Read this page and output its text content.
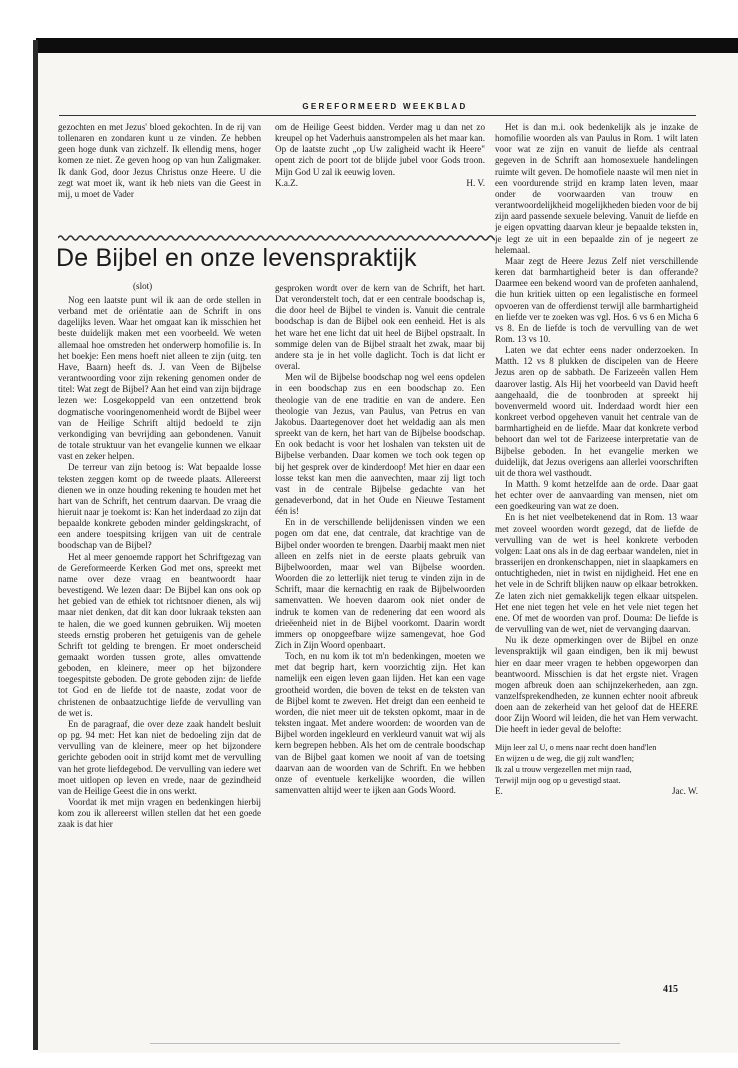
GEREFORMEERD WEEKBLAD

gezochten en met Jezus' bloed gekochten. In de rij van tollenaren en zondaren kunt u ze vinden. Ze hebben geen hoge dunk van zichzelf. Ik ellendig mens, hoger komen ze niet. Ze geven hoog op van hun Zaligmaker. Ik dank God, door Jezus Christus onze Heere. U die zegt wat moet ik, want ik heb niets van die Geest in mij, u moet de Vader

om de Heilige Geest bidden. Verder mag u dan net zo kreupel op het Vaderhuis aanstrompelen als het maar kan. Op de laatste zucht „op Uw zaligheid wacht ik Heere" opent zich de poort tot de blijde jubel voor Gods troon. Mijn God U zal ik eeuwig loven.

K.a.Z.	H. V.
De Bijbel en onze levenspraktijk
(slot)

Nog een laatste punt wil ik aan de orde stellen in verband met de oriëntatie aan de Schrift in ons dagelijks leven. Waar het omgaat kan ik misschien het beste duidelijk maken met een voorbeeld. We weten allemaal hoe omstreden het onderwerp homofilie is. In het boekje: Een mens hoeft niet alleen te zijn (uitg. ten Have, Baarn) heeft ds. J. van Veen de Bijbelse verantwoording voor zijn rekening genomen onder de titel: Wat zegt de Bijbel? Aan het eind van zijn bijdrage lezen we: Losgekoppeld van een ontzettend brok dogmatische vooringenomenheid wordt de Bijbel weer van de Heilige Schrift altijd bedoeld te zijn verkondiging van bevrijding aan gebondenen. Vanuit de totale struktuur van het evangelie kunnen we elkaar vast en zeker helpen.

De terreur van zijn betoog is: Wat bepaalde losse teksten zeggen komt op de tweede plaats. Allereerst dienen we in onze houding rekening te houden met het hart van de Schrift, het centrum daarvan. De vraag die hieruit naar je toekomt is: Kan het inderdaad zo zijn dat bepaalde konkrete geboden minder geldingskracht, of een andere toespitsing krijgen van uit de centrale boodschap van de Bijbel?

Het al meer genoemde rapport het Schriftgezag van de Gereformeerde Kerken God met ons, spreekt met name over deze vraag en beantwoordt haar bevestigend. We lezen daar: De Bijbel kan ons ook op het gebied van de ethiek tot richtsnoer dienen, als wij maar niet denken, dat dit kan door lukraak teksten aan te halen, die we goed kunnen gebruiken. Wij moeten steeds ernstig proberen het getuigenis van de gehele Schrift tot gelding te brengen. Er moet onderscheid gemaakt worden tussen grote, alles omvattende geboden, en kleinere, meer op het bijzondere toegespitste geboden. De grote geboden zijn: de liefde tot God en de liefde tot de naaste, zodat voor de christenen de onbaatzuchtige liefde de vervulling van de wet is.

En de paragraaf, die over deze zaak handelt besluit op pg. 94 met: Het kan niet de bedoeling zijn dat de vervulling van de kleinere, meer op het bijzondere gerichte geboden ooit in strijd komt met de vervulling van het grote liefdegebod. De vervulling van iedere wet moet uitlopen op leven en vrede, naar de gezindheid van de Heilige Geest die in ons werkt.

Voordat ik met mijn vragen en bedenkingen hierbij kom zou ik allereerst willen stellen dat het een goede zaak is dat hier

gesproken wordt over de kern van de Schrift, het hart. Dat veronderstelt toch, dat er een centrale boodschap is, die door heel de Bijbel te vinden is. Vanuit die centrale boodschap is dan de Bijbel ook een eenheid. Het is als het ware het ene licht dat uit heel de Bijbel opstraalt. In sommige delen van de Bijbel straalt het zwak, maar bij andere sta je in het volle daglicht. Toch is dat licht er overal.

Men wil de Bijbelse boodschap nog wel eens opdelen in een boodschap zus en een boodschap zo. Een theologie van de ene traditie en van de andere. Een theologie van Jezus, van Paulus, van Petrus en van Jakobus. Daartegenover doet het weldadig aan als men spreekt van de kern, het hart van de Bijbelse boodschap. En ook bedacht is voor het loshalen van teksten uit de Bijbelse verbanden. Daar komen we toch ook tegen op bij het gesprek over de kinderdoop! Met hier en daar een losse tekst kan men die aanvechten, maar zij ligt toch vast in de centrale Bijbelse gedachte van het genadeverbond, dat in het Oude en Nieuwe Testament één is!

En in de verschillende belijdenissen vinden we een pogen om dat ene, dat centrale, dat krachtige van de Bijbel onder woorden te brengen. Daarbij maakt men niet alleen en zelfs niet in de eerste plaats gebruik van Bijbelwoorden, maar wel van Bijbelse woorden. Woorden die zo letterlijk niet terug te vinden zijn in de Schrift, maar die kernachtig en raak de Bijbelwoorden samenvatten. We hoeven daarom ook niet onder de indruk te komen van de redenering dat een woord als drieëenheid niet in de Bijbel voorkomt. Daarin wordt immers op onopgeefbare wijze samengevat, hoe God Zich in Zijn Woord openbaart.

Toch, en nu kom ik tot m'n bedenkingen, moeten we met dat begrip hart, kern voorzichtig zijn. Het kan namelijk een eigen leven gaan lijden. Het kan een vage grootheid worden, die boven de tekst en de teksten van de Bijbel komt te zweven. Het dreigt dan een eenheid te worden, die niet meer uit de teksten opkomt, maar in de teksten ingaat. Met andere woorden: de woorden van de Bijbel worden ingekleurd en verkleurd vanuit wat wij als kern begrepen hebben. Als het om de centrale boodschap van de Bijbel gaat komen we nooit af van de toetsing daarvan aan de woorden van de Schrift. En we hebben onze of eventuele kerkelijke woorden, die willen samenvatten altijd weer te ijken aan Gods Woord.

Het is dan m.i. ook bedenkelijk als je inzake de homofilie woorden als van Paulus in Rom. 1 wilt laten voor wat ze zijn en vanuit de liefde als centraal gegeven in de Schrift aan homosexuele handelingen ruimte wilt geven. De homofiele naaste wil men niet in een voordurende strijd en kramp laten leven, maar onder de voorwaarden van trouw en verantwoordelijkheid mogelijkheden bieden voor de bij zijn aard passende sexuele beleving. Vanuit de liefde en je eigen opvatting daarvan kleur je bepaalde teksten in, je legt ze uit in een bepaalde zin of je negeert ze helemaal.

Maar zegt de Heere Jezus Zelf niet verschillende keren dat barmhartigheid beter is dan offerande? Daarmee een bekend woord van de profeten aanhalend, die hun kritiek uitten op een legalistische en formeel opvoeren van de offerdienst terwijl alle barmhartigheid en liefde ver te zoeken was vgl. Hos. 6 vs 6 en Micha 6 vs 8. En de liefde is toch de vervulling van de wet Rom. 13 vs 10.

Laten we dat echter eens nader onderzoeken. In Matth. 12 vs 8 plukken de discipelen van de Heere Jezus aren op de sabbath. De Farizeeën vallen Hem daarover lastig. Als Hij het voorbeeld van David heeft aangehaald, die de toonbroden at spreekt hij bovenvermeld woord uit. Inderdaad wordt hier een konkreet verbod opgeheven vanuit het centrale van de barmhartigheid en de liefde. Maar dat konkrete verbod behoort dan wel tot de Farizeese interpretatie van de Bijbelse geboden. In het evangelie merken we duidelijk, dat Jezus overigens aan allerlei voorschriften uit de thora wel vasthoudt.

In Matth. 9 komt hetzelfde aan de orde. Daar gaat het echter over de aanvaarding van mensen, niet om een goedkeuring van wat ze doen.

En is het niet veelbetekenend dat in Rom. 13 waar met zoveel woorden wordt gezegd, dat de liefde de vervulling van de wet is heel konkrete verboden volgen: Laat ons als in de dag eerbaar wandelen, niet in brasserijen en dronkenschappen, niet in slaapkamers en ontuchtigheden, niet in twist en nijdigheid. Het ene en het vele in de Schrift blijken nauw op elkaar betrokken. Ze laten zich niet gemakkelijk tegen elkaar uitspelen. Het ene niet tegen het vele en het vele niet tegen het ene. Of met de woorden van prof. Douma: De liefde is de vervulling van de wet, niet de vervanging daarvan.

Nu ik deze opmerkingen over de Bijbel en onze levenspraktijk wil gaan eindigen, ben ik mij bewust hier en daar meer vragen te hebben opgeworpen dan beantwoord. Misschien is dat het ergste niet. Vragen mogen afbreuk doen aan schijnzekerheden, aan zgn. vanzelfsprekendheden, ze kunnen echter nooit afbreuk doen aan de zekerheid van het geloof dat de HEERE door Zijn Woord wil leiden, die het van Hem verwacht. Die heeft in ieder geval de belofte:

Mijn leer zal U, o mens naar recht doen hand'len
En wijzen u de weg, die gij zult wand'len;
Ik zal u trouw vergezellen met mijn raad,
Terwijl mijn oog op u gevestigd staat.
E.	Jac. W.
415
